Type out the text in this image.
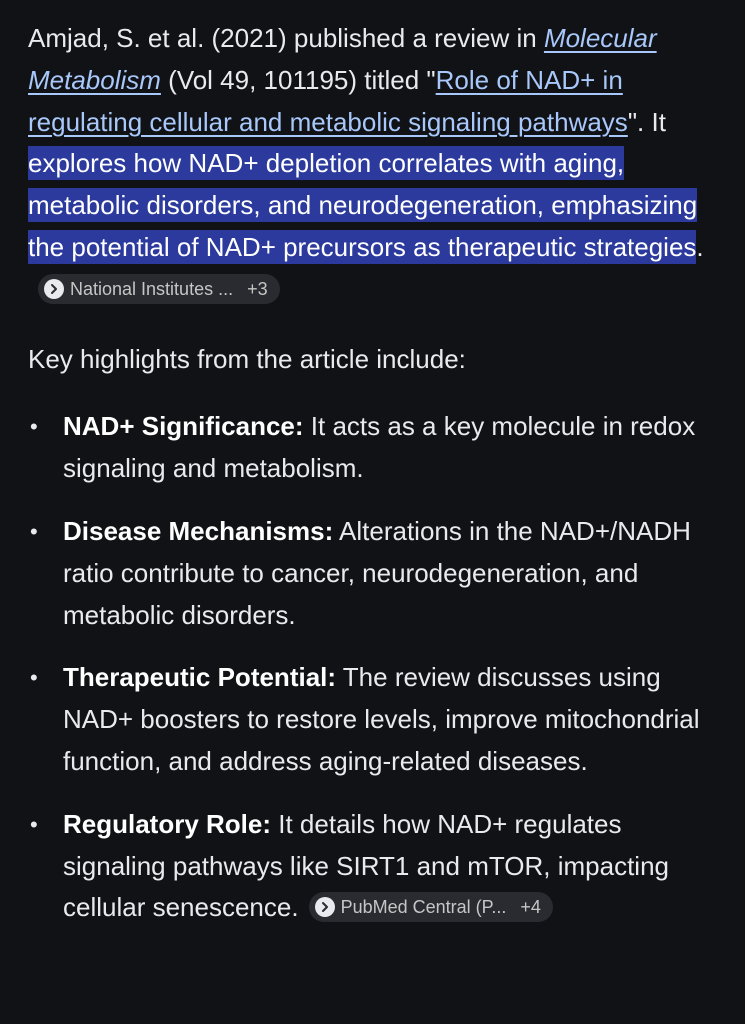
Amjad, S. et al. (2021) published a review in Molecular Metabolism (Vol 49, 101195) titled "Role of NAD+ in regulating cellular and metabolic signaling pathways". It explores how NAD+ depletion correlates with aging, metabolic disorders, and neurodegeneration, emphasizing the potential of NAD+ precursors as therapeutic strategies.
National Institutes ... +3

Key highlights from the article include:

• NAD+ Significance: It acts as a key molecule in redox signaling and metabolism.
• Disease Mechanisms: Alterations in the NAD+/NADH ratio contribute to cancer, neurodegeneration, and metabolic disorders.
• Therapeutic Potential: The review discusses using NAD+ boosters to restore levels, improve mitochondrial function, and address aging-related diseases.
• Regulatory Role: It details how NAD+ regulates signaling pathways like SIRT1 and mTOR, impacting cellular senescence. PubMed Central (P... +4
